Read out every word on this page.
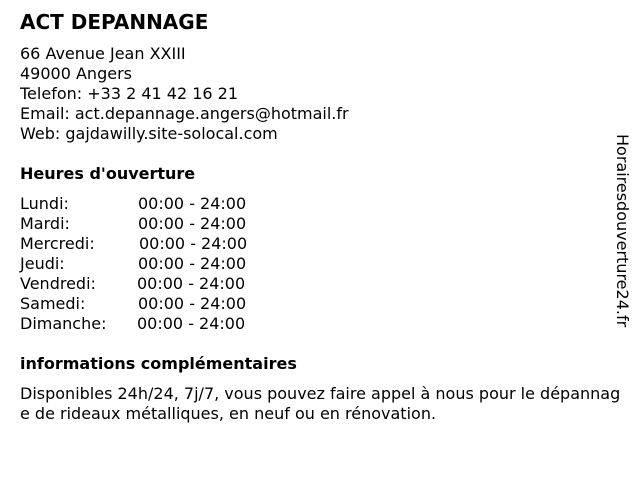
ACT DEPANNAGE
66 Avenue Jean XXIII
49000 Angers
Telefon: +33 2 41 42 16 21
Email: act.depannage.angers@hotmail.fr
Web: gajdawilly.site-solocal.com
Heures d'ouverture
Lundi:	00:00 - 24:00
Mardi:	00:00 - 24:00
Mercredi:	00:00 - 24:00
Jeudi:	00:00 - 24:00
Vendredi:	00:00 - 24:00
Samedi:	00:00 - 24:00
Dimanche: 00:00 - 24:00
informations complémentaires
Disponibles 24h/24, 7j/7, vous pouvez faire appel à nous pour le dépannage de rideaux métalliques, en neuf ou en rénovation.
Horairesdouverture24.fr
